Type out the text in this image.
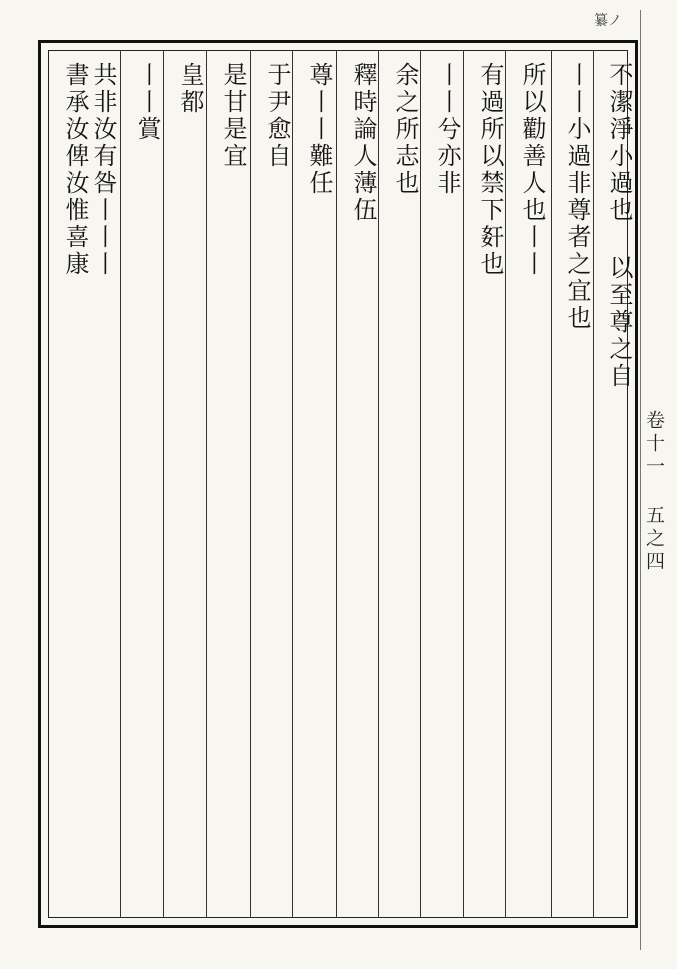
纂ノ
卷十一 五之四
不潔淨小過也 以至尊之自
丨丨小過非尊者之宜也
所以勸善人也丨丨
有過所以禁下姧也
丨丨兮亦非
余之所志也
釋時論人薄伍
尊丨丨難任
于尹愈自
是甘是宜
皇都
丨丨賞
共非汝有咎丨丨丨
書承汝俾汝惟喜康
